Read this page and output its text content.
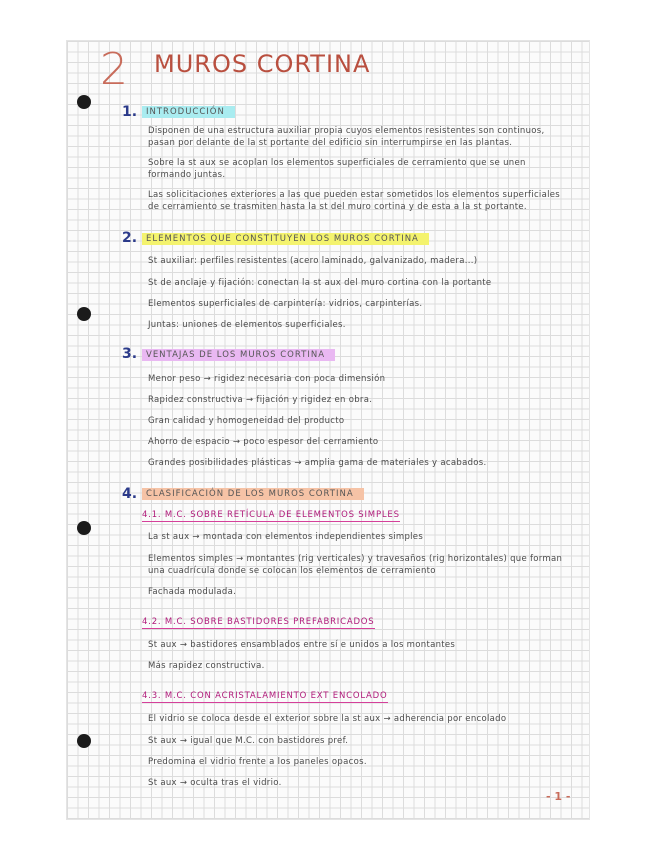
2 MUROS CORTINA
1.	INTRODUCCIÓN
Disponen de una estructura auxiliar propia cuyos elementos resistentes son continuos,
pasan por delante de la st portante del edificio sin interrumpirse en las plantas.
Sobre la st aux se acoplan los elementos superficiales de cerramiento que se unen
formando juntas.
Las solicitaciones exteriores a las que pueden estar sometidos los elementos superficiales
de cerramiento se trasmiten hasta la st del muro cortina y de esta a la st portante.
2.	ELEMENTOS QUE CONSTITUYEN LOS MUROS CORTINA
St auxiliar: perfiles resistentes (acero laminado, galvanizado, madera...)
St de anclaje y fijación: conectan la st aux del muro cortina con la portante
Elementos superficiales de carpintería: vidrios, carpinterías.
Juntas: uniones de elementos superficiales.
3.	VENTAJAS DE LOS MUROS CORTINA
Menor peso → rigidez necesaria con poca dimensión
Rapidez constructiva → fijación y rigidez en obra.
Gran calidad y homogeneidad del producto
Ahorro de espacio → poco espesor del cerramiento
Grandes posibilidades plásticas → amplia gama de materiales y acabados.
4.	CLASIFICACIÓN DE LOS MUROS CORTINA
4.1. M.C. SOBRE RETÍCULA DE ELEMENTOS SIMPLES
La st aux → montada con elementos independientes simples
Elementos simples → montantes (rig verticales) y travesaños (rig horizontales) que forman
una cuadrícula donde se colocan los elementos de cerramiento
Fachada modulada.
4.2. M.C. SOBRE BASTIDORES PREFABRICADOS
St aux → bastidores ensamblados entre sí e unidos a los montantes
Más rapidez constructiva.
4.3. M.C. CON ACRISTALAMIENTO EXT ENCOLADO
El vidrio se coloca desde el exterior sobre la st aux → adherencia por encolado
St aux → igual que M.C. con bastidores pref.
Predomina el vidrio frente a los paneles opacos.
St aux → oculta tras el vidrio.
- 1 -
